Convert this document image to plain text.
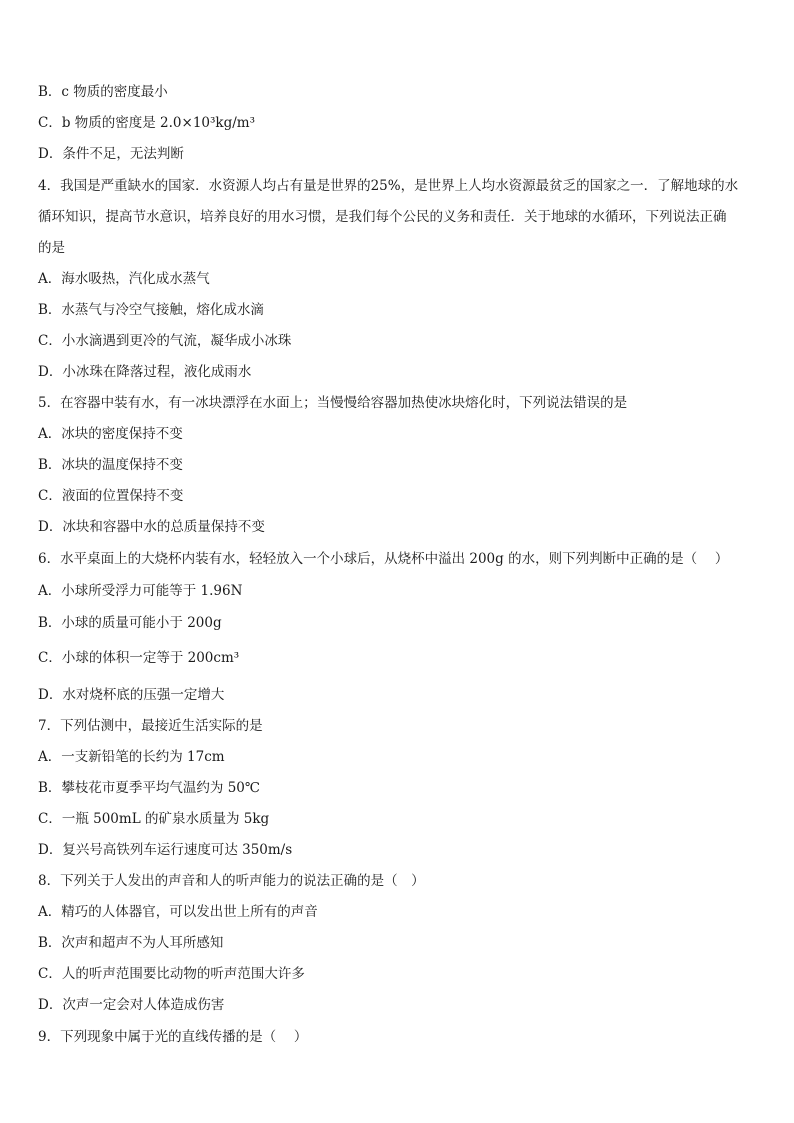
B．c 物质的密度最小
C．b 物质的密度是 2.0×10³kg/m³
D．条件不足，无法判断
4．我国是严重缺水的国家．水资源人均占有量是世界的25%，是世界上人均水资源最贫乏的国家之一．了解地球的水
循环知识，提高节水意识，培养良好的用水习惯，是我们每个公民的义务和责任．关于地球的水循环，下列说法正确
的是
A．海水吸热，汽化成水蒸气
B．水蒸气与冷空气接触，熔化成水滴
C．小水滴遇到更冷的气流，凝华成小冰珠
D．小冰珠在降落过程，液化成雨水
5．在容器中装有水，有一冰块漂浮在水面上；当慢慢给容器加热使冰块熔化时，下列说法错误的是
A．冰块的密度保持不变
B．冰块的温度保持不变
C．液面的位置保持不变
D．冰块和容器中水的总质量保持不变
6．水平桌面上的大烧杯内装有水，轻轻放入一个小球后，从烧杯中溢出 200g 的水，则下列判断中正确的是（　 ）
A．小球所受浮力可能等于 1.96N
B．小球的质量可能小于 200g
C．小球的体积一定等于 200cm³
D．水对烧杯底的压强一定增大
7．下列估测中，最接近生活实际的是
A．一支新铅笔的长约为 17cm
B．攀枝花市夏季平均气温约为 50℃
C．一瓶 500mL 的矿泉水质量为 5kg
D．复兴号高铁列车运行速度可达 350m/s
8．下列关于人发出的声音和人的听声能力的说法正确的是（　）
A．精巧的人体器官，可以发出世上所有的声音
B．次声和超声不为人耳所感知
C．人的听声范围要比动物的听声范围大许多
D．次声一定会对人体造成伤害
9．下列现象中属于光的直线传播的是（　 ）
